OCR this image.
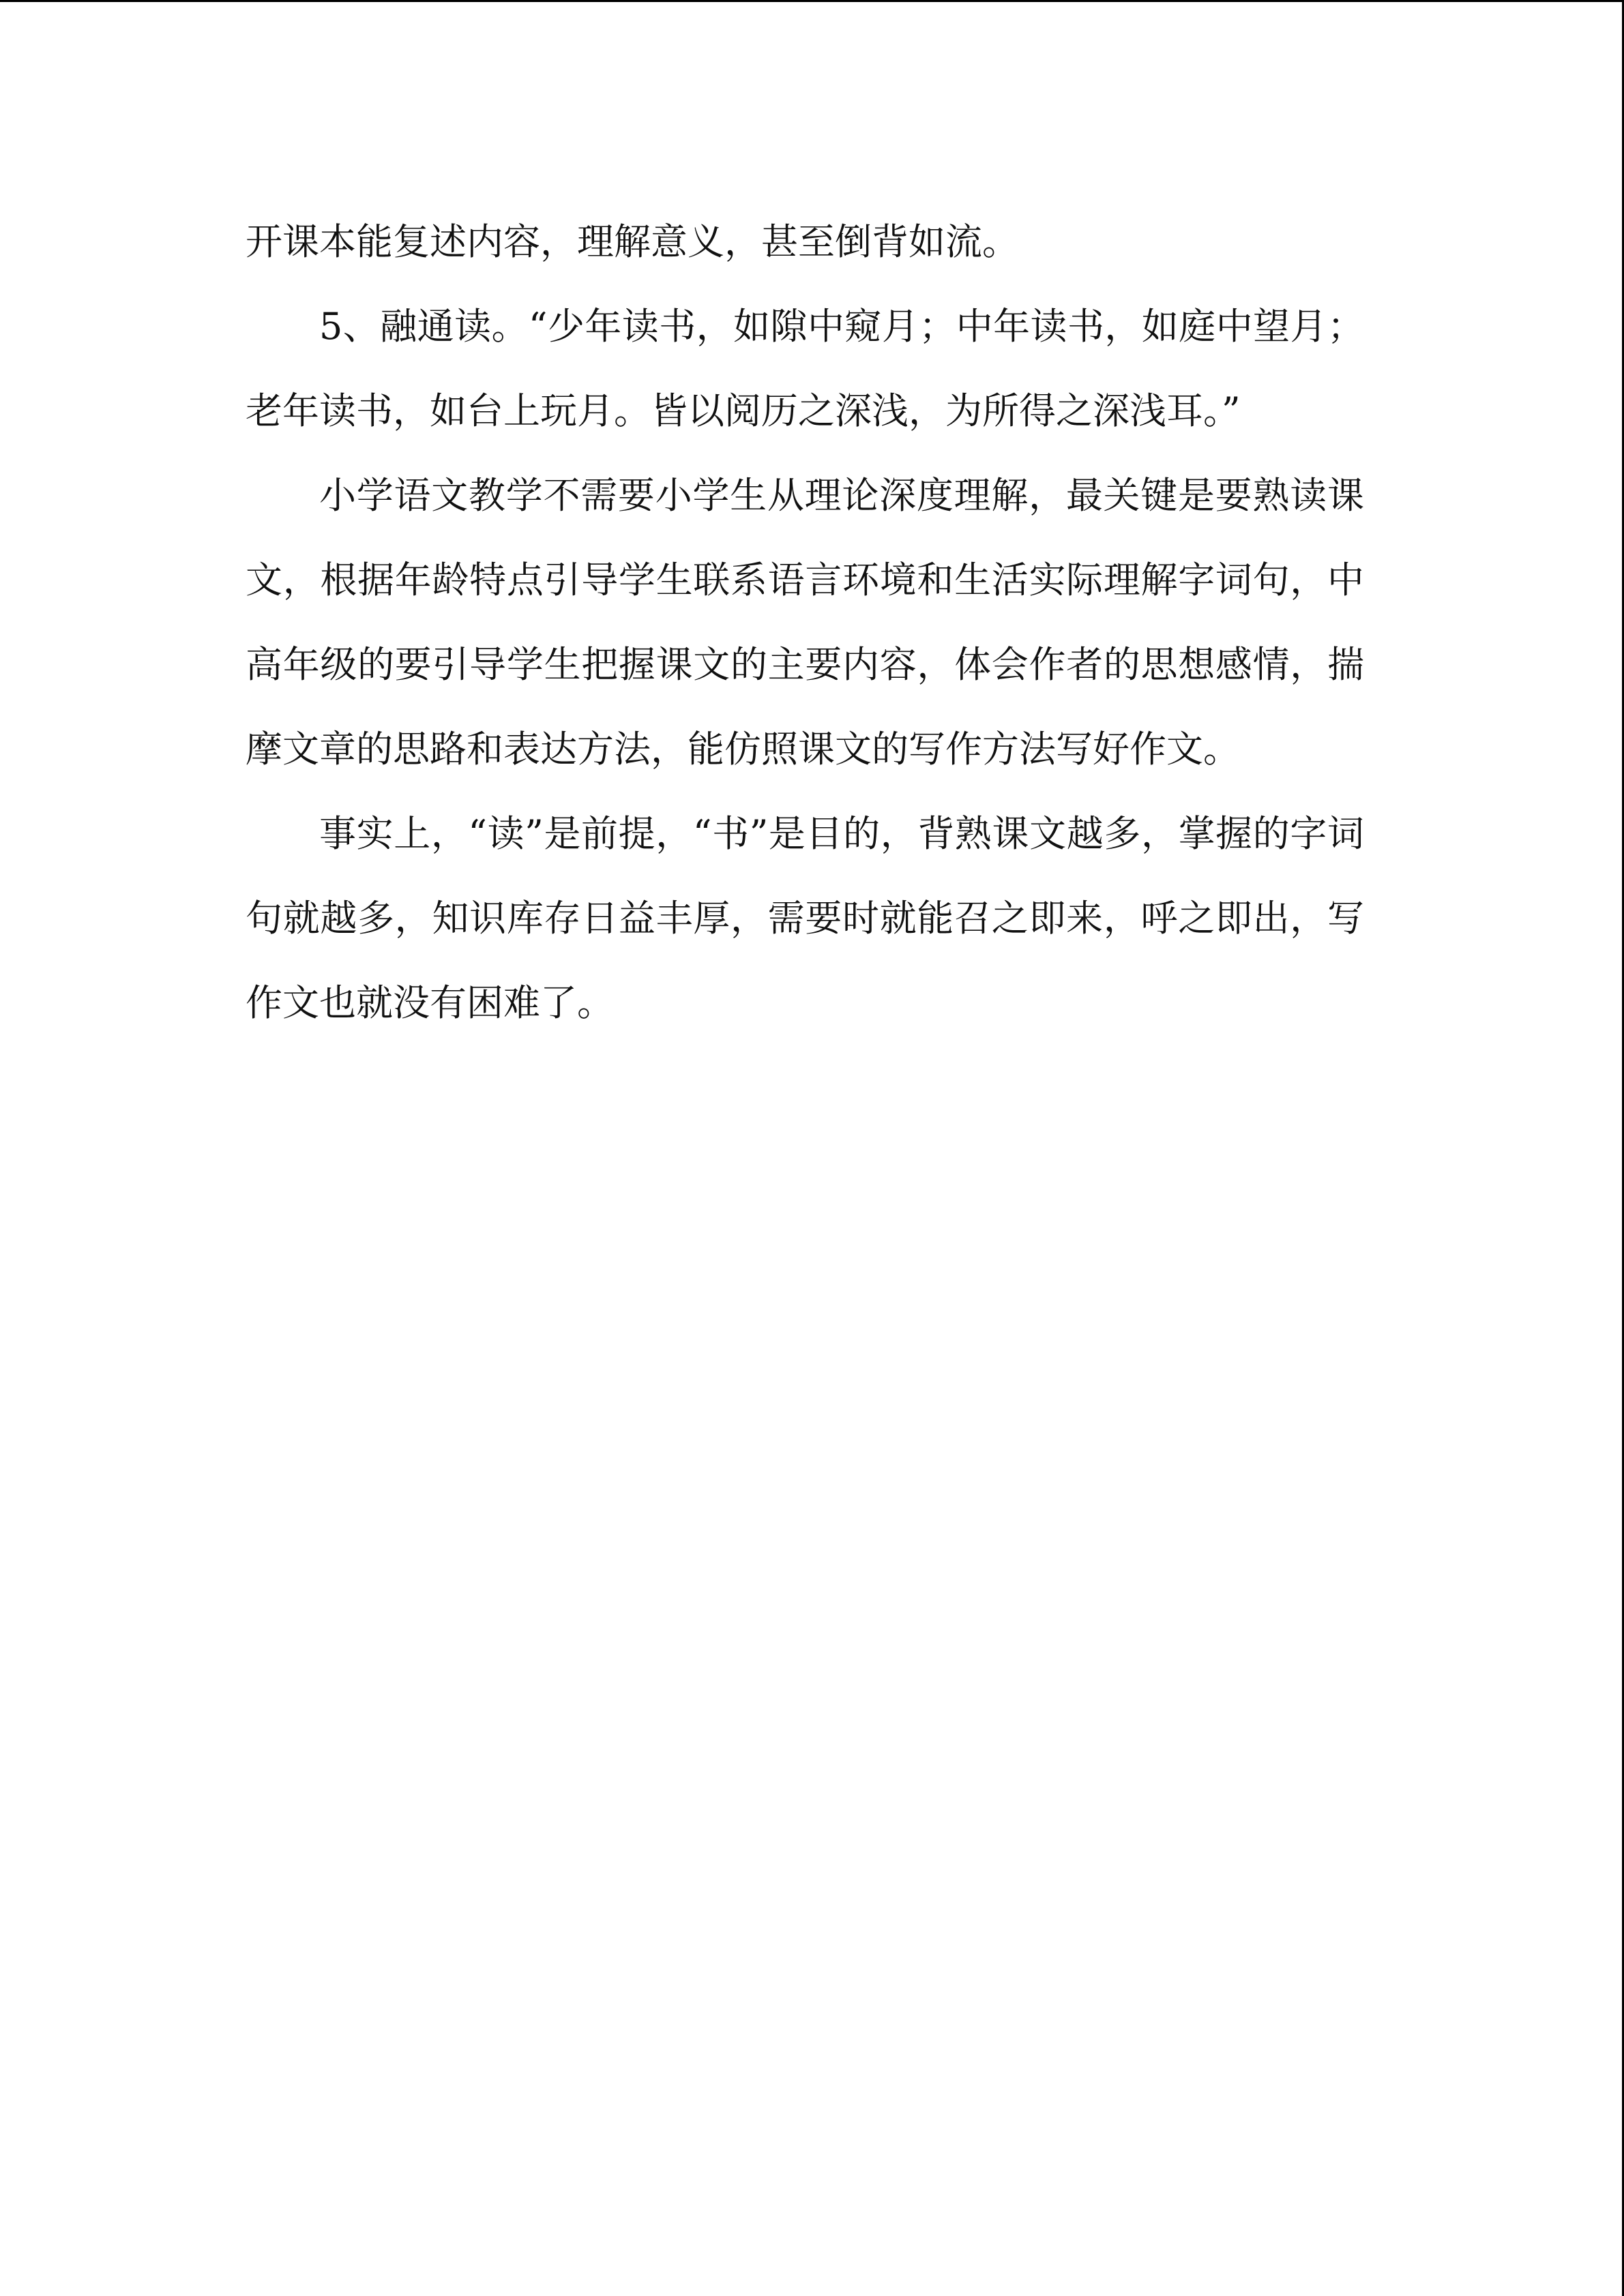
开课本能复述内容，理解意义，甚至倒背如流。

5、融通读。“少年读书，如隙中窥月；中年读书，如庭中望月；老年读书，如台上玩月。皆以阅历之深浅，为所得之深浅耳。”

小学语文教学不需要小学生从理论深度理解，最关键是要熟读课文，根据年龄特点引导学生联系语言环境和生活实际理解字词句，中高年级的要引导学生把握课文的主要内容，体会作者的思想感情，揣摩文章的思路和表达方法，能仿照课文的写作方法写好作文。

事实上，“读”是前提，“书”是目的，背熟课文越多，掌握的字词句就越多，知识库存日益丰厚，需要时就能召之即来，呼之即出，写作文也就没有困难了。
